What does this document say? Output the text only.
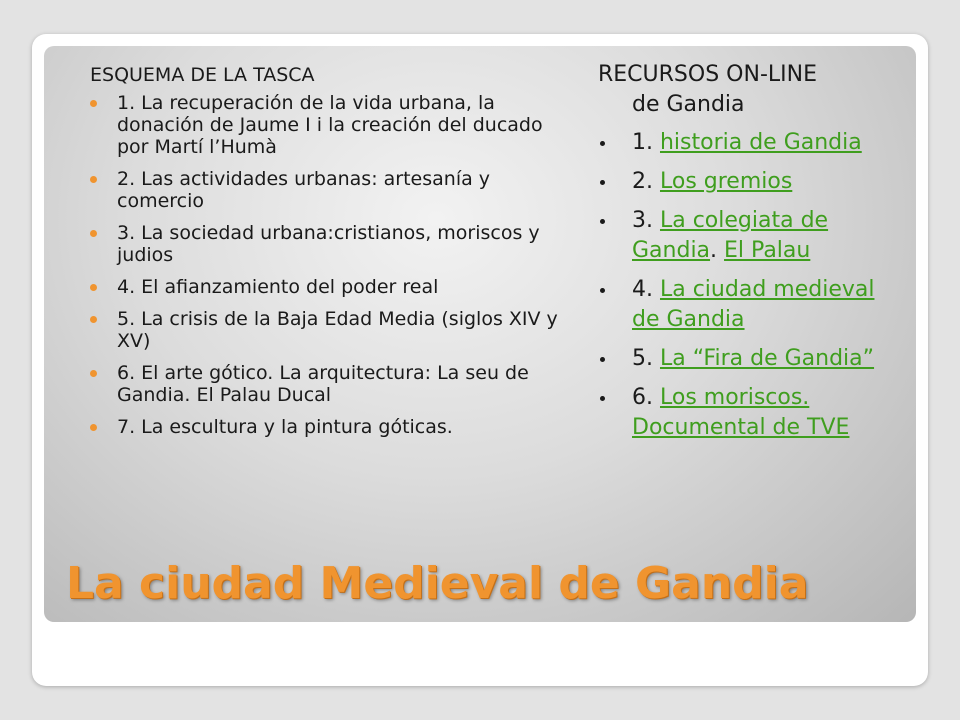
ESQUEMA DE LA TASCA
1. La recuperación de la vida urbana, la donación de Jaume I i la creación del ducado por Martí l’Humà
2. Las actividades urbanas: artesanía y comercio
3. La sociedad urbana:cristianos, moriscos y judios
4. El afianzamiento del poder real
5. La crisis de la Baja Edad Media (siglos XIV y XV)
6. El arte gótico. La arquitectura: La seu de Gandia. El Palau Ducal
7. La escultura y la pintura góticas.
RECURSOS ON-LINE
de Gandia
1. historia de Gandia
2. Los gremios
3. La colegiata de Gandia. El Palau
4. La ciudad medieval de Gandia
5. La “Fira de Gandia”
6. Los moriscos. Documental de TVE
La ciudad Medieval de Gandia
